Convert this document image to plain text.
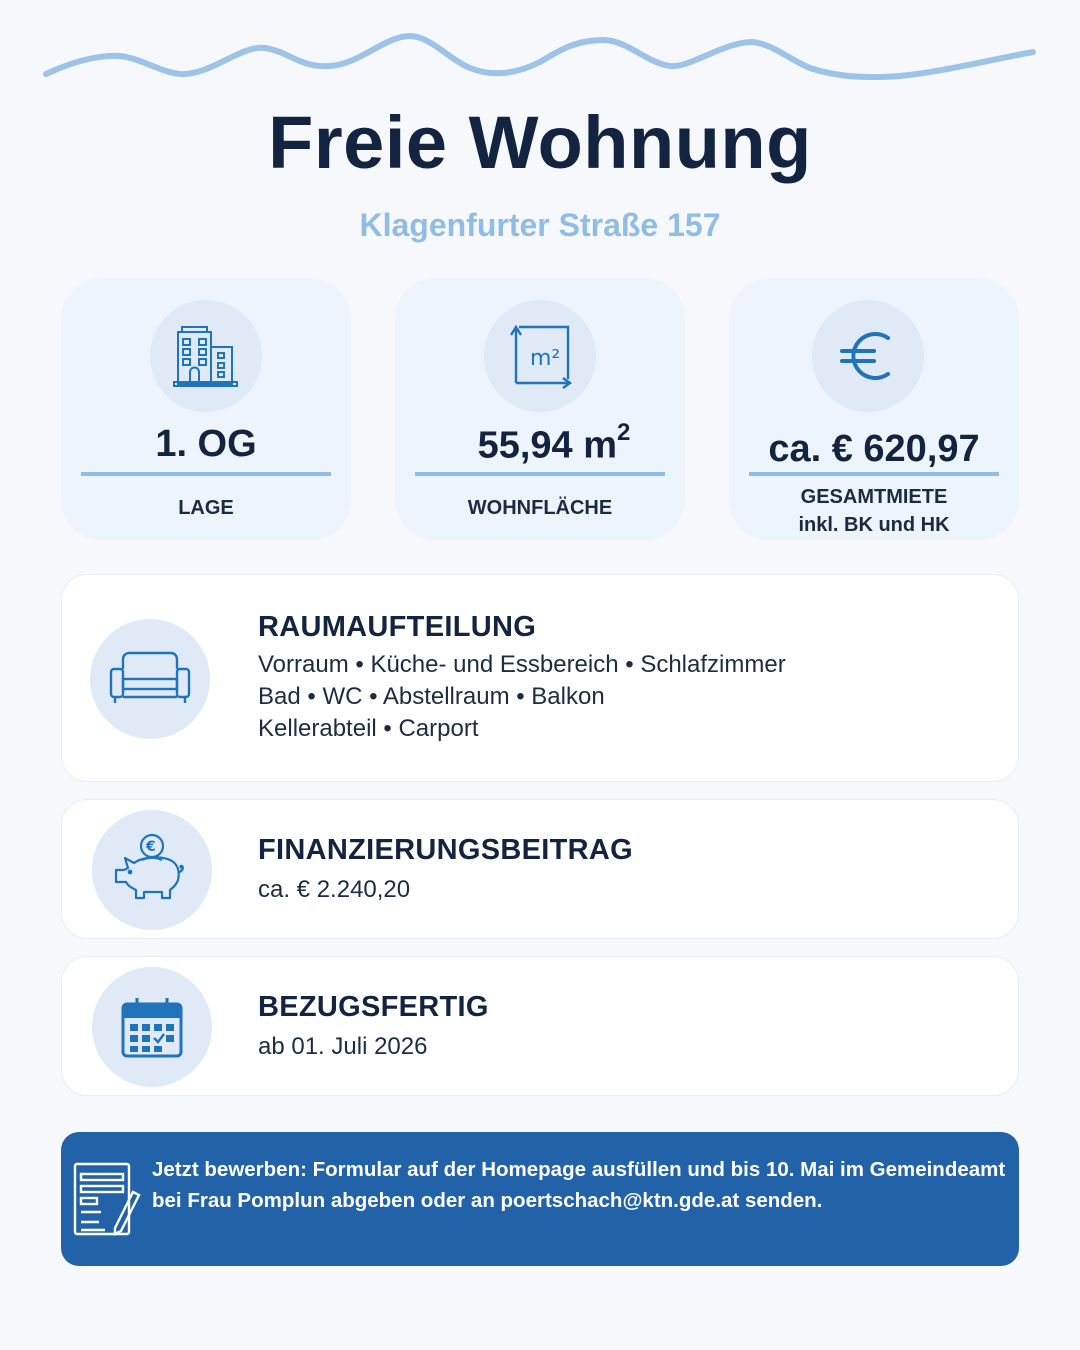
Freie Wohnung
Klagenfurter Straße 157
1. OG
LAGE
m²
55,94 $m^2$
WOHNFLÄCHE
ca. € 620,97
GESAMTMIETE
inkl. BK und HK
RAUMAUFTEILUNG
Vorraum • Küche- und Essbereich • Schlafzimmer
Bad • WC • Abstellraum • Balkon
Kellerabteil • Carport
€	FINANZIERUNGSBEITRAG
ca. € 2.240,20
BEZUGSFERTIG
ab 01. Juli 2026
Jetzt bewerben: Formular auf der Homepage ausfüllen und bis 10. Mai im Gemeindeamt bei Frau Pomplun abgeben oder an poertschach@ktn.gde.at senden.
